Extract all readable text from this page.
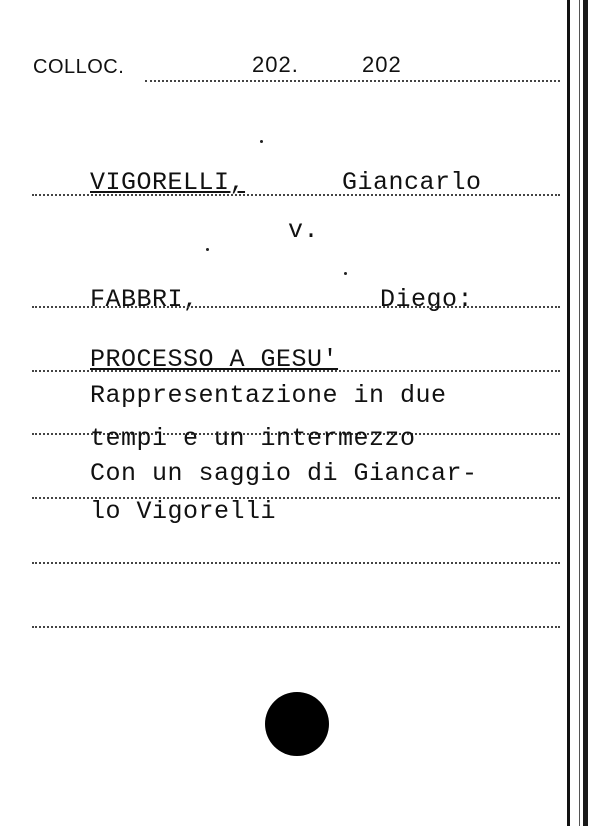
COLLOC.	202.	202
VIGORELLI,	Giancarlo
v.
FABBRI,	Diego:
PROCESSO A GESU'
Rappresentazione in due
tempi e un intermezzo
Con un saggio di Giancar-
lo Vigorelli
